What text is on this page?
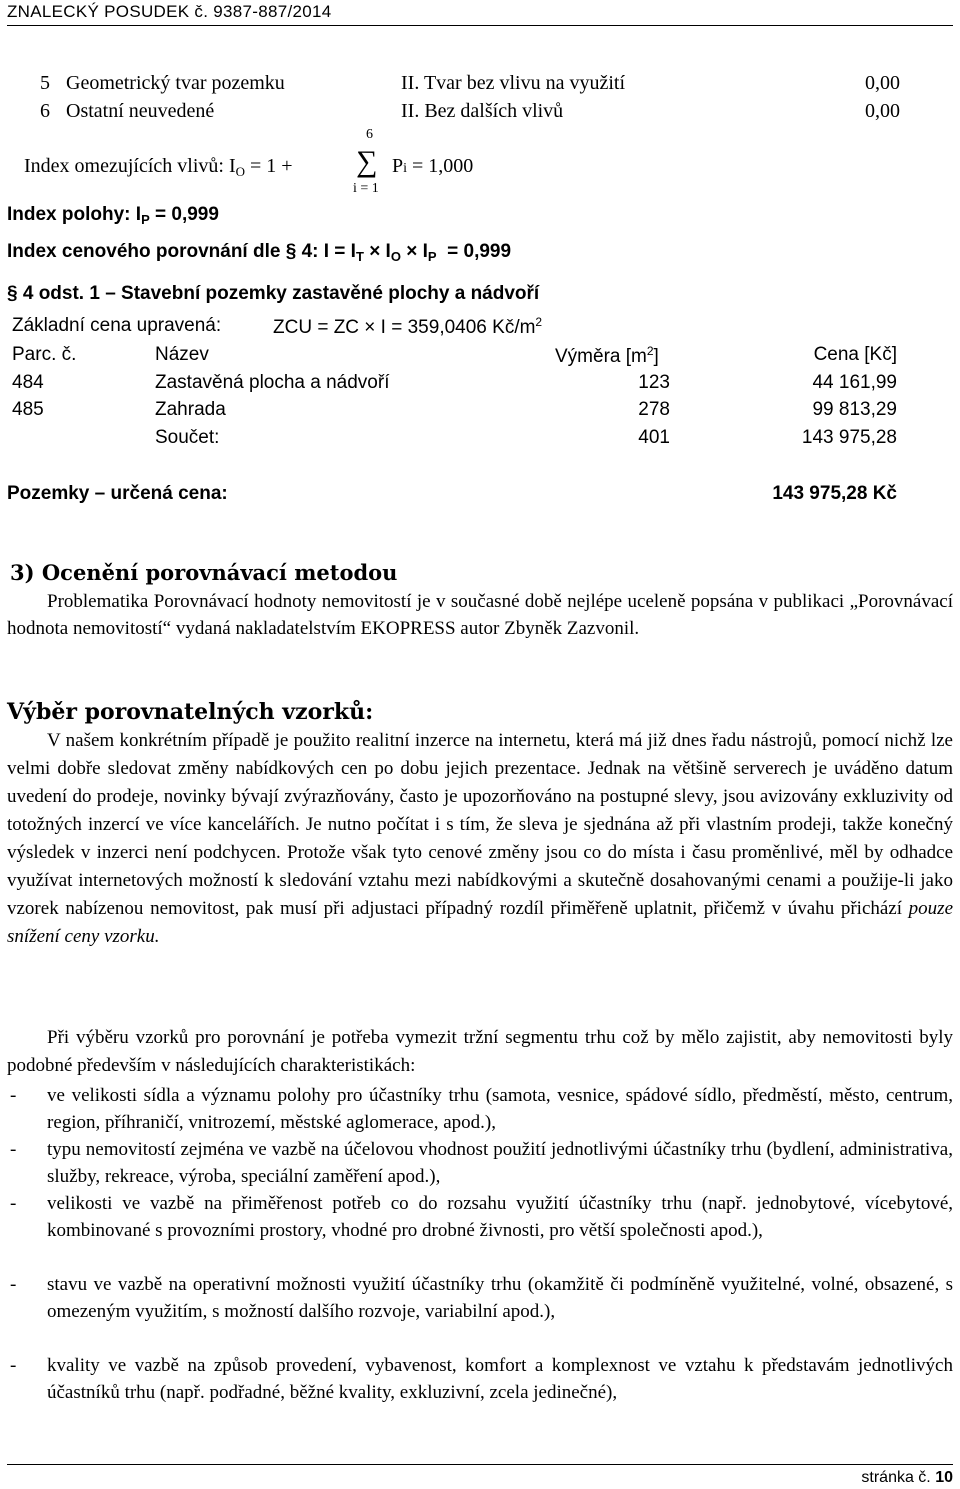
ZNALECKÝ POSUDEK č. 9387-887/2014
5 Geometrický tvar pozemku	II. Tvar bez vlivu na využití	0,00
6 Ostatní neuvedené	II. Bez dalších vlivů	0,00
Index omezujících vlivů: $I_O = 1$ +
6
∑
i = 1
Pi = 1,000
Index polohy: $I_P = 0,999$
Index cenového porovnání dle § 4: $I = I_T \times I_O \times I_P = 0,999$
§ 4 odst. 1 – Stavební pozemky zastavěné plochy a nádvoří
Základní cena upravená:	ZCU = ZC × I = 359,0406 $Kč/m^2$
Parc. č.	Název	Výměra $[m^2]$	Cena [Kč]
484	Zastavěná plocha a nádvoří	123	44 161,99
485	Zahrada	278	99 813,29
Součet:	401	143 975,28
Pozemky – určená cena:	143 975,28 Kč
3) Ocenění porovnávací metodou
Problematika Porovnávací hodnoty nemovitostí je v současné době nejlépe uceleně popsána v publikaci „Porovnávací hodnota nemovitostí“ vydaná nakladatelstvím EKOPRESS autor Zbyněk Zazvonil.
Výběr porovnatelných vzorků:
V našem konkrétním případě je použito realitní inzerce na internetu, která má již dnes řadu nástrojů, pomocí nichž lze velmi dobře sledovat změny nabídkových cen po dobu jejich prezentace. Jednak na většině serverech je uváděno datum uvedení do prodeje, novinky bývají zvýrazňovány, často je upozorňováno na postupné slevy, jsou avizovány exkluzivity od totožných inzercí ve více kancelářích. Je nutno počítat i s tím, že sleva je sjednána až při vlastním prodeji, takže konečný výsledek v inzerci není podchycen. Protože však tyto cenové změny jsou co do místa i času proměnlivé, měl by odhadce využívat internetových možností k sledování vztahu mezi nabídkovými a skutečně dosahovanými cenami a použije-li jako vzorek nabízenou nemovitost, pak musí při adjustaci případný rozdíl přiměřeně uplatnit, přičemž v úvahu přichází pouze snížení ceny vzorku.
Při výběru vzorků pro porovnání je potřeba vymezit tržní segmentu trhu což by mělo zajistit, aby nemovitosti byly podobné především v následujících charakteristikách:
- ve velikosti sídla a významu polohy pro účastníky trhu (samota, vesnice, spádové sídlo, předměstí, město, centrum, region, příhraničí, vnitrozemí, městské aglomerace, apod.),
- typu nemovitostí zejména ve vazbě na účelovou vhodnost použití jednotlivými účastníky trhu (bydlení, administrativa, služby, rekreace, výroba, speciální zaměření apod.),
- velikosti ve vazbě na přiměřenost potřeb co do rozsahu využití účastníky trhu (např. jednobytové, vícebytové, kombinované s provozními prostory, vhodné pro drobné živnosti, pro větší společnosti apod.),
- stavu ve vazbě na operativní možnosti využití účastníky trhu (okamžitě či podmíněně využitelné, volné, obsazené, s omezeným využitím, s možností dalšího rozvoje, variabilní apod.),
- kvality ve vazbě na způsob provedení, vybavenost, komfort a komplexnost ve vztahu k představám jednotlivých účastníků trhu (např. podřadné, běžné kvality, exkluzivní, zcela jedinečné),
stránka č. 10
